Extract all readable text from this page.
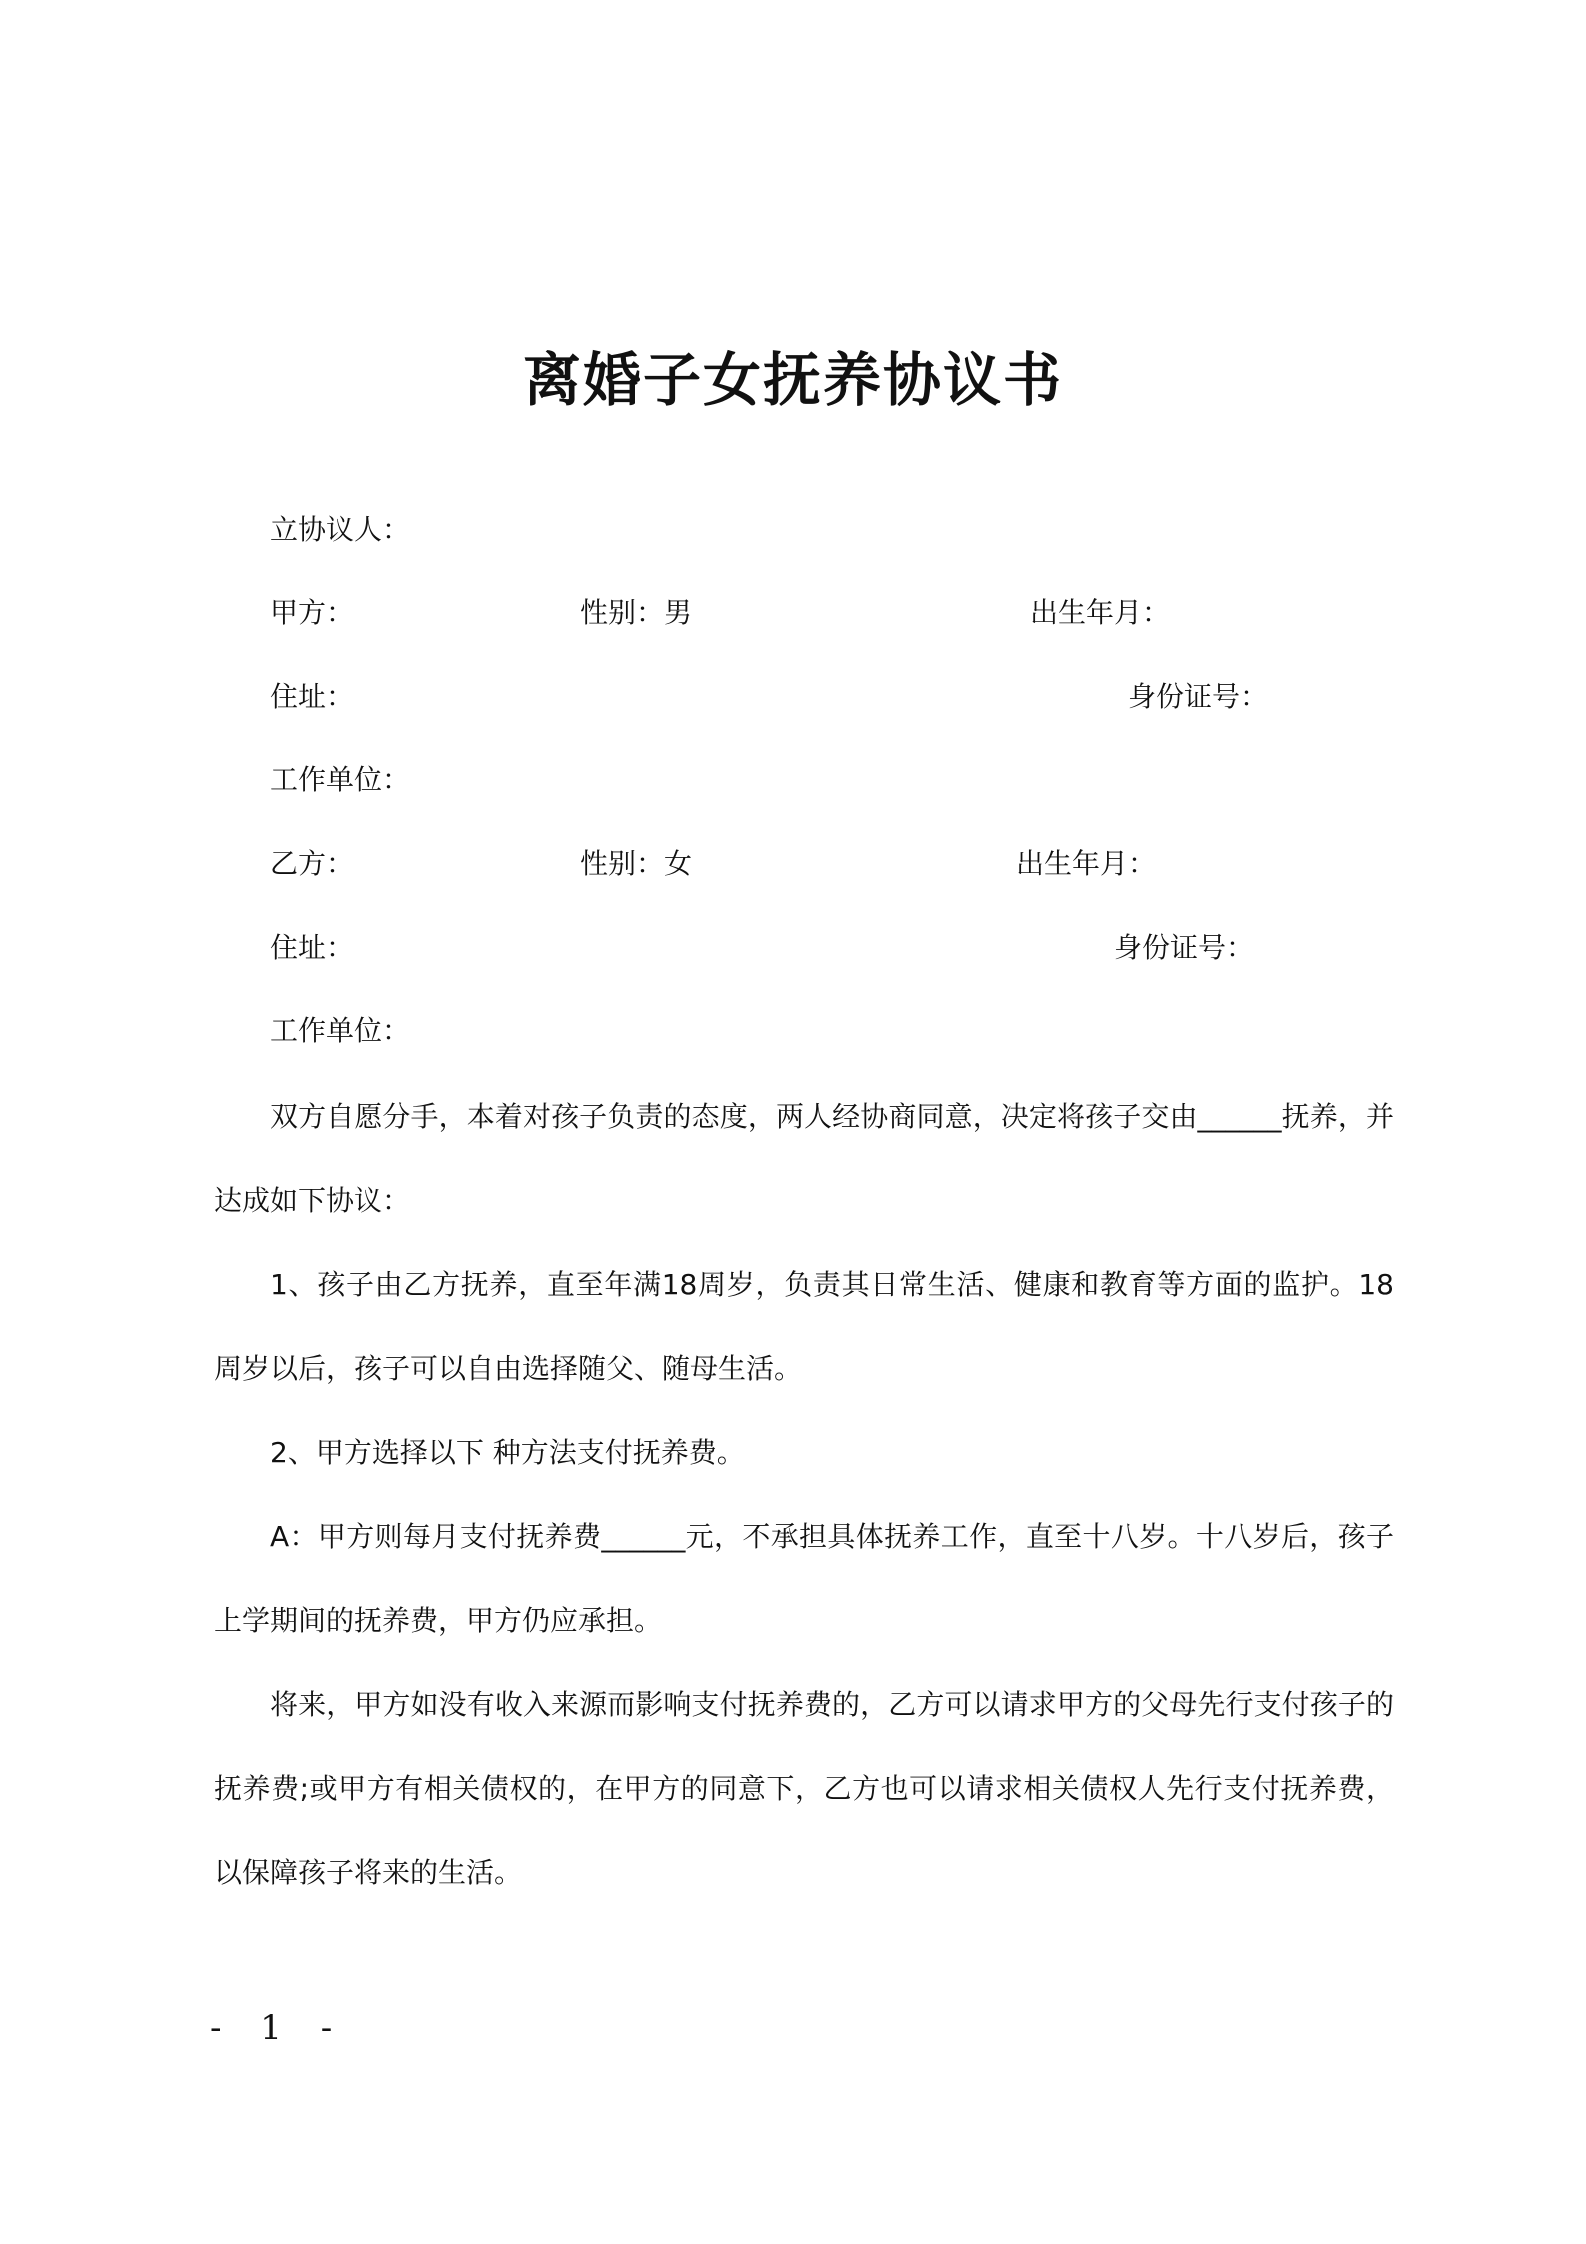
离婚子女抚养协议书
立协议人：
甲方：	性别：男	出生年月：
住址：	身份证号：
工作单位：
乙方：	性别：女	出生年月：
住址：	身份证号：
工作单位：
双方自愿分手，本着对孩子负责的态度，两人经协商同意，决定将孩子交由______抚养，并达成如下协议：
1、孩子由乙方抚养，直至年满18周岁，负责其日常生活、健康和教育等方面的监护。18周岁以后，孩子可以自由选择随父、随母生活。
2、甲方选择以下 种方法支付抚养费。
A：甲方则每月支付抚养费______元，不承担具体抚养工作，直至十八岁。十八岁后，孩子上学期间的抚养费，甲方仍应承担。
将来，甲方如没有收入来源而影响支付抚养费的，乙方可以请求甲方的父母先行支付孩子的抚养费;或甲方有相关债权的，在甲方的同意下，乙方也可以请求相关债权人先行支付抚养费，以保障孩子将来的生活。
- 1 -
